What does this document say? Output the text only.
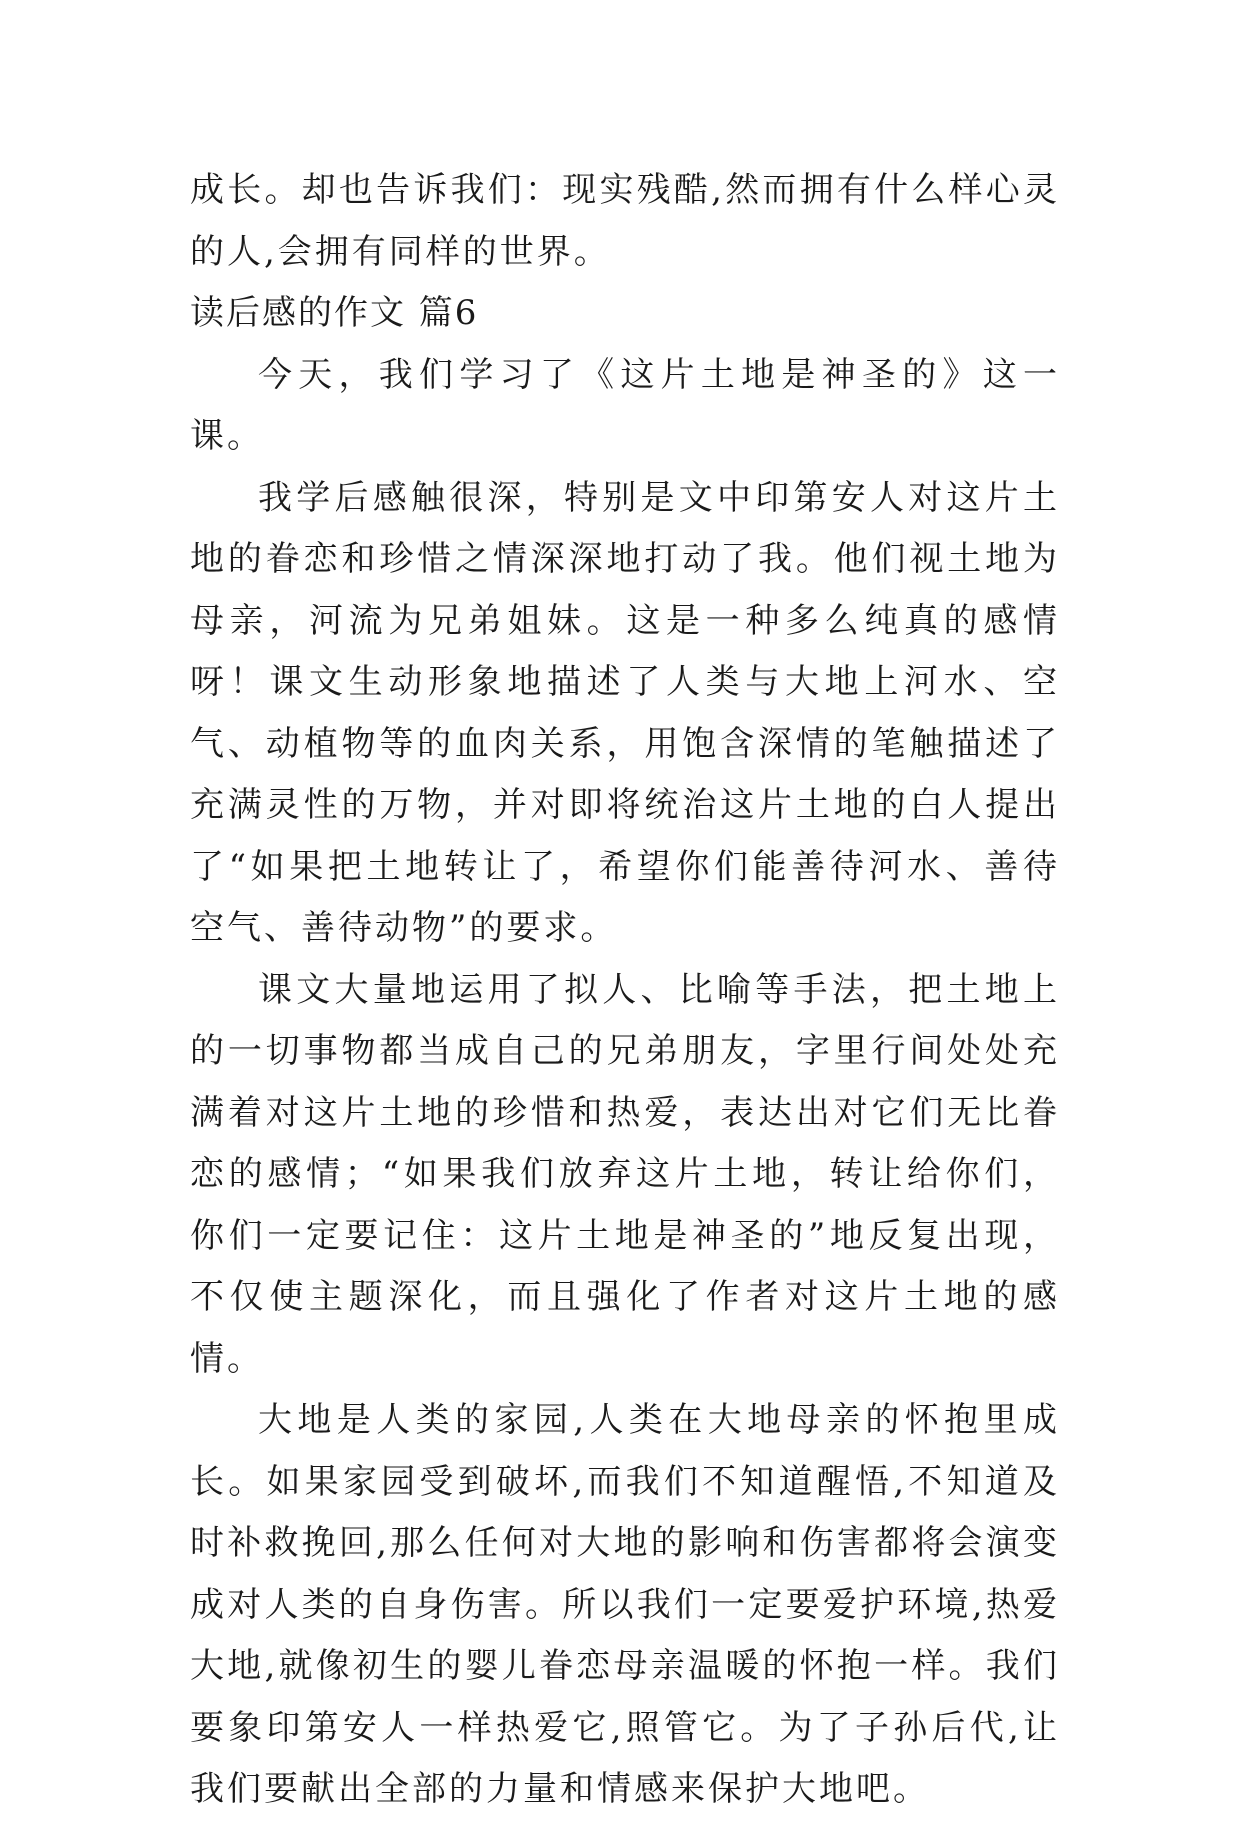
成长。却也告诉我们：现实残酷,然而拥有什么样心灵的人,会拥有同样的世界。

读后感的作文 篇6

今天，我们学习了《这片土地是神圣的》这一课。

我学后感触很深，特别是文中印第安人对这片土地的眷恋和珍惜之情深深地打动了我。他们视土地为母亲，河流为兄弟姐妹。这是一种多么纯真的感情呀！课文生动形象地描述了人类与大地上河水、空气、动植物等的血肉关系，用饱含深情的笔触描述了充满灵性的万物，并对即将统治这片土地的白人提出了“如果把土地转让了，希望你们能善待河水、善待空气、善待动物”的要求。

课文大量地运用了拟人、比喻等手法，把土地上的一切事物都当成自己的兄弟朋友，字里行间处处充满着对这片土地的珍惜和热爱，表达出对它们无比眷恋的感情；“如果我们放弃这片土地，转让给你们，你们一定要记住：这片土地是神圣的”地反复出现，不仅使主题深化，而且强化了作者对这片土地的感情。

大地是人类的家园,人类在大地母亲的怀抱里成长。如果家园受到破坏,而我们不知道醒悟,不知道及时补救挽回,那么任何对大地的影响和伤害都将会演变成对人类的自身伤害。所以我们一定要爱护环境,热爱大地,就像初生的婴儿眷恋母亲温暖的怀抱一样。我们要象印第安人一样热爱它,照管它。为了子孙后代,让我们要献出全部的力量和情感来保护大地吧。
